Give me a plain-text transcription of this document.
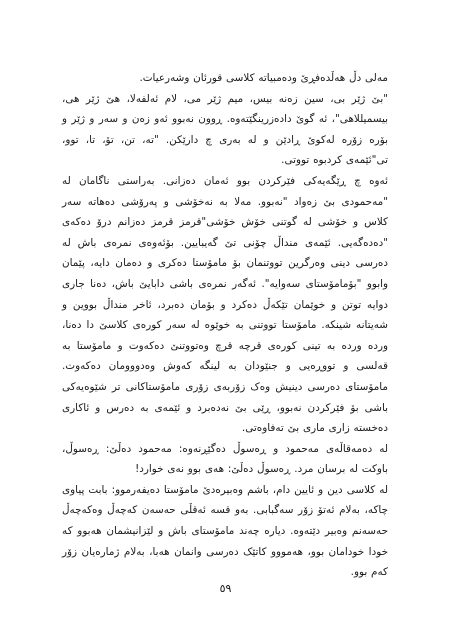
مەلی دڵ هەڵدەفڕێ ودەمبیاتە کلاسی قورئان وشەرعیات.

"بێ ژێر بی، سین زەنە بیس، میم ژێر می، لام ئەلفەلا، هێ ژێر هی، بیسمیللاهی"، ئە گوێ دادەزرینگێتەوە. ڕوون نەبوو ئەو زەن و سەر و ژێر و بۆرە زۆرە لەکوێ ڕادێن و لە بەری چ دارێکن. "تە، تن، تۆ، تا، توو، تی"ئێمەی کردبوە تووتی.

ئەوە چ ڕێگەیەکی فێرکردن بوو ئەمان دەزانی. بەراستی ناگامان لە "مەحمودی بێ زەواد "نەبوو. مەلا بە نەخۆشی و پەرۆشی دەهاتە سەر کلاس و خۆشی لە گوتنی خۆش خۆشی"قرمز قرمز دەزانم درۆ دەکەی "دەدەگەیی. ئێمەی منداڵ چۆنی تێ گەیبایین. بۆئەوەی نمرەی باش لە دەرسی دینی وەرگرین تووتنمان بۆ مامۆستا دەکری و دەمان دایە، پێمان وابوو "بۆمامۆستای سەوایە". ئەگەر نمرەی باشی دابایێ باش، دەنا جاری دوایە توتن و خوێمان تێکەڵ دەکرد و بۆمان دەبرد، ئاخر منداڵ بووین و شەیتانە شینکە. مامۆستا تووتنی بە خوێوە لە سەر کورەی کلاسێ دا دەنا، وردە وردە بە تینی کورەی قرچە قرچ وەتووتنێ دەکەوت و مامۆستا بە قەلسی و تووڕەیی و جنێودان بە لینگە کەوش وەدووومان دەکەوت. مامۆستای دەرسی دینیش وەک زۆربەی زۆری مامۆستاکانی تر شێوەیەکی باشی بۆ فێرکردن نەبوو، ڕێی بێ نەدەبرد و ئێمەی بە دەرس و ئاکاری دەخستە زاری ماری بێ تەفاوەتی.

لە دەمەقاڵەی مەحمود و ڕەسوڵ دەگێڕنەوە: مەحمود دەڵێ: ڕەسوڵ، باوکت لە برسان مرد. ڕەسوڵ دەڵێ: هەی بوو نەی خوارد!

لە کلاسی دین و ئایین دام، باشم وەبیرەدێ مامۆستا دەیفەرموو: بابت پیاوی چاکە، بەلام ئەتۆ زۆر سەگبابی. بەو قسە ئەقڵی حەسەن کەچەڵ وەکەچەڵ حەسەنم وەبیر دێتەوە. دیارە چەند مامۆستای باش و لێزانیشمان هەبوو کە خودا خودامان بوو، هەمووو کاتێک دەرسی وانمان هەبا، بەلام ژمارەیان زۆر کەم بوو.

٥٩
